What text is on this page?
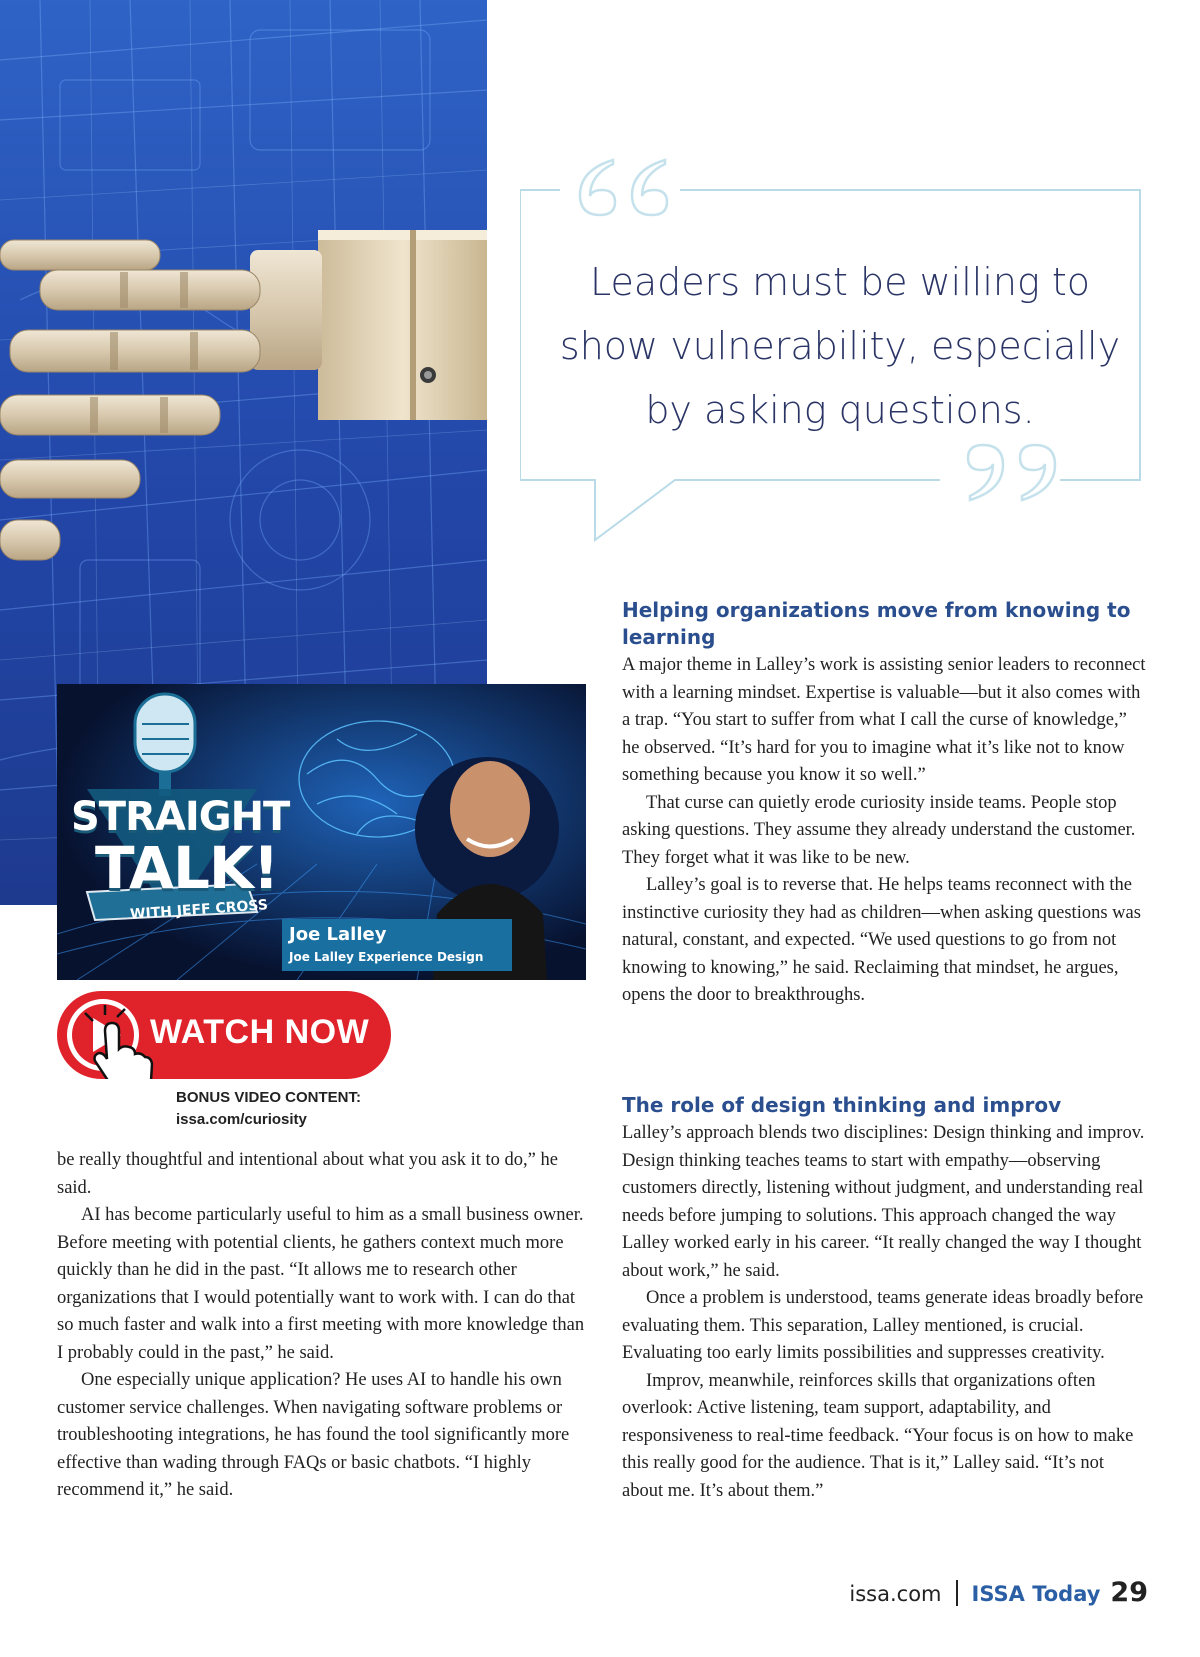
Leaders must be willing to
show vulnerability, especially
by asking questions.
STRAIGHT
TALK!
WITH JEFF CROSS
Joe Lalley
Joe Lalley Experience Design
WATCH NOW
BONUS VIDEO CONTENT:
issa.com/curiosity

be really thoughtful and intentional about what you ask it to do,” he said.

AI has become particularly useful to him as a small business owner. Before meeting with potential clients, he gathers context much more quickly than he did in the past. “It allows me to research other organizations that I would potentially want to work with. I can do that so much faster and walk into a first meeting with more knowledge than I probably could in the past,” he said.

One especially unique application? He uses AI to handle his own customer service challenges. When navigating software problems or troubleshooting integrations, he has found the tool significantly more effective than wading through FAQs or basic chatbots. “I highly recommend it,” he said.

Helping organizations move from knowing to learning

A major theme in Lalley’s work is assisting senior leaders to reconnect with a learning mindset. Expertise is valuable—but it also comes with a trap. “You start to suffer from what I call the curse of knowledge,” he observed. “It’s hard for you to imagine what it’s like not to know something because you know it so well.”

That curse can quietly erode curiosity inside teams. People stop asking questions. They assume they already understand the customer. They forget what it was like to be new.

Lalley’s goal is to reverse that. He helps teams reconnect with the instinctive curiosity they had as children—when asking questions was natural, constant, and expected. “We used questions to go from not knowing to knowing,” he said. Reclaiming that mindset, he argues, opens the door to breakthroughs.

The role of design thinking and improv

Lalley’s approach blends two disciplines: Design thinking and improv. Design thinking teaches teams to start with empathy—observing customers directly, listening without judgment, and understanding real needs before jumping to solutions. This approach changed the way Lalley worked early in his career. “It really changed the way I thought about work,” he said.

Once a problem is understood, teams generate ideas broadly before evaluating them. This separation, Lalley mentioned, is crucial. Evaluating too early limits possibilities and suppresses creativity.

Improv, meanwhile, reinforces skills that organizations often overlook: Active listening, team support, adaptability, and responsiveness to real-time feedback. “Your focus is on how to make this really good for the audience. That is it,” Lalley said. “It’s not about me. It’s about them.”

issa.com ISSA Today 29
